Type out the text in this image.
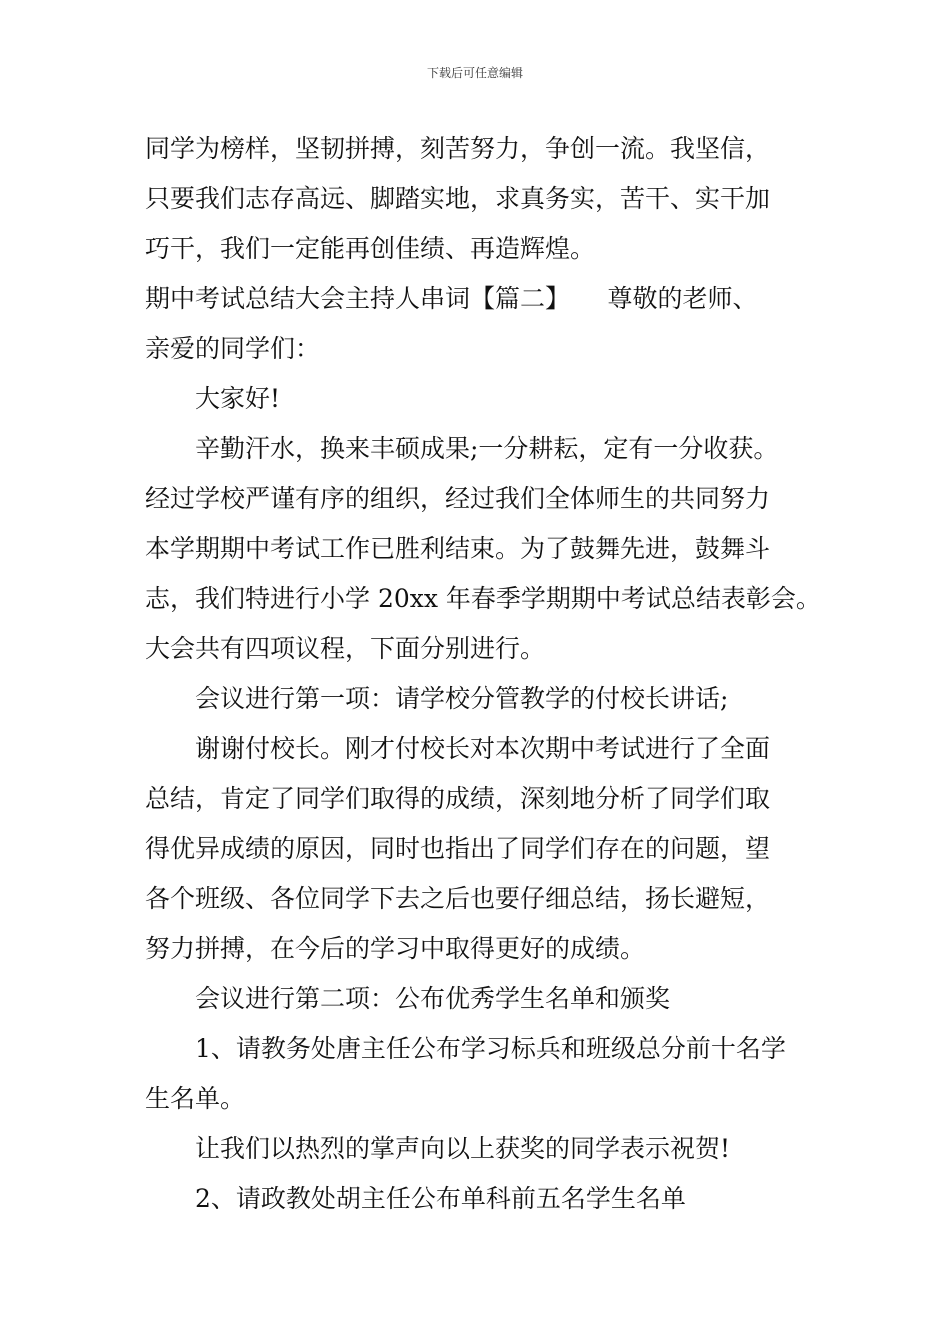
下载后可任意编辑
同学为榜样，坚韧拼搏，刻苦努力，争创一流。我坚信，
只要我们志存高远、脚踏实地，求真务实，苦干、实干加
巧干，我们一定能再创佳绩、再造辉煌。
期中考试总结大会主持人串词【篇二】　　尊敬的老师、
亲爱的同学们：
大家好!
辛勤汗水，换来丰硕成果;一分耕耘，定有一分收获。
经过学校严谨有序的组织，经过我们全体师生的共同努力
本学期期中考试工作已胜利结束。为了鼓舞先进，鼓舞斗
志，我们特进行小学 20xx 年春季学期期中考试总结表彰会。
大会共有四项议程，下面分别进行。
会议进行第一项：请学校分管教学的付校长讲话;
谢谢付校长。刚才付校长对本次期中考试进行了全面
总结，肯定了同学们取得的成绩，深刻地分析了同学们取
得优异成绩的原因，同时也指出了同学们存在的问题，望
各个班级、各位同学下去之后也要仔细总结，扬长避短，
努力拼搏，在今后的学习中取得更好的成绩。
会议进行第二项：公布优秀学生名单和颁奖
1、请教务处唐主任公布学习标兵和班级总分前十名学
生名单。
让我们以热烈的掌声向以上获奖的同学表示祝贺!
2、请政教处胡主任公布单科前五名学生名单
